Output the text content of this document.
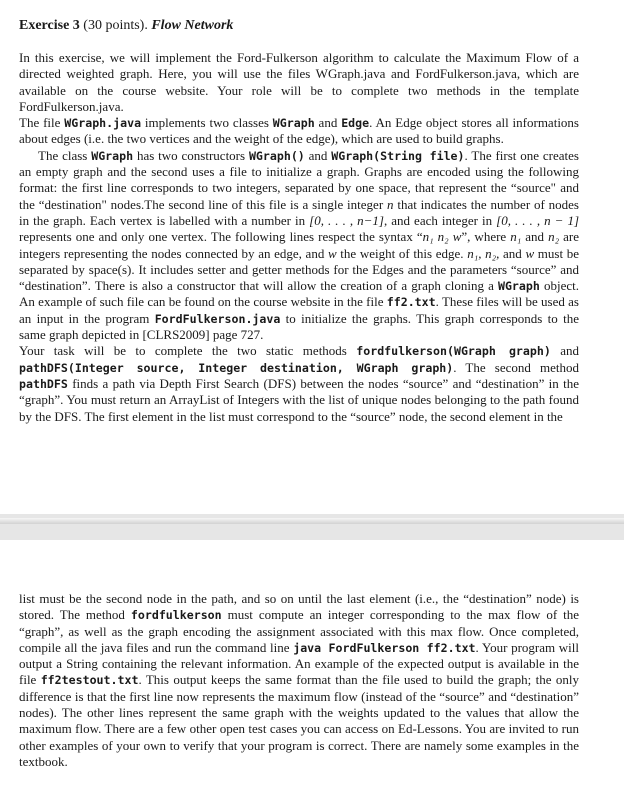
Exercise 3 (30 points). Flow Network

In this exercise, we will implement the Ford-Fulkerson algorithm to calculate the Maximum Flow of a directed weighted graph. Here, you will use the files WGraph.java and FordFulkerson.java, which are available on the course website. Your role will be to complete two methods in the template FordFulkerson.java.

The file WGraph.java implements two classes WGraph and Edge. An Edge object stores all informations about edges (i.e. the two vertices and the weight of the edge), which are used to build graphs.

The class WGraph has two constructors WGraph() and WGraph(String file). The first one creates an empty graph and the second uses a file to initialize a graph. Graphs are encoded using the following format: the first line corresponds to two integers, separated by one space, that represent the “source" and the “destination" nodes.The second line of this file is a single integer n that indicates the number of nodes in the graph. Each vertex is labelled with a number in [0, . . . , n−1], and each integer in [0, . . . , n − 1] represents one and only one vertex. The following lines respect the syntax “n₁ n₂ w”, where n₁ and n₂ are integers representing the nodes connected by an edge, and w the weight of this edge. n₁, n₂, and w must be separated by space(s). It includes setter and getter methods for the Edges and the parameters “source” and “destination”. There is also a constructor that will allow the creation of a graph cloning a WGraph object. An example of such file can be found on the course website in the file ff2.txt. These files will be used as an input in the program FordFulkerson.java to initialize the graphs. This graph corresponds to the same graph depicted in [CLRS2009] page 727.

Your task will be to complete the two static methods fordfulkerson(WGraph graph) and pathDFS(Integer source, Integer destination, WGraph graph). The second method pathDFS finds a path via Depth First Search (DFS) between the nodes “source” and “destination” in the “graph”. You must return an ArrayList of Integers with the list of unique nodes belonging to the path found by the DFS. The first element in the list must correspond to the “source” node, the second element in the

list must be the second node in the path, and so on until the last element (i.e., the “destination” node) is stored. The method fordfulkerson must compute an integer corresponding to the max flow of the “graph”, as well as the graph encoding the assignment associated with this max flow. Once completed, compile all the java files and run the command line java FordFulkerson ff2.txt. Your program will output a String containing the relevant information. An example of the expected output is available in the file ff2testout.txt. This output keeps the same format than the file used to build the graph; the only difference is that the first line now represents the maximum flow (instead of the “source” and “destination” nodes). The other lines represent the same graph with the weights updated to the values that allow the maximum flow. There are a few other open test cases you can access on Ed-Lessons. You are invited to run other examples of your own to verify that your program is correct. There are namely some examples in the textbook.
